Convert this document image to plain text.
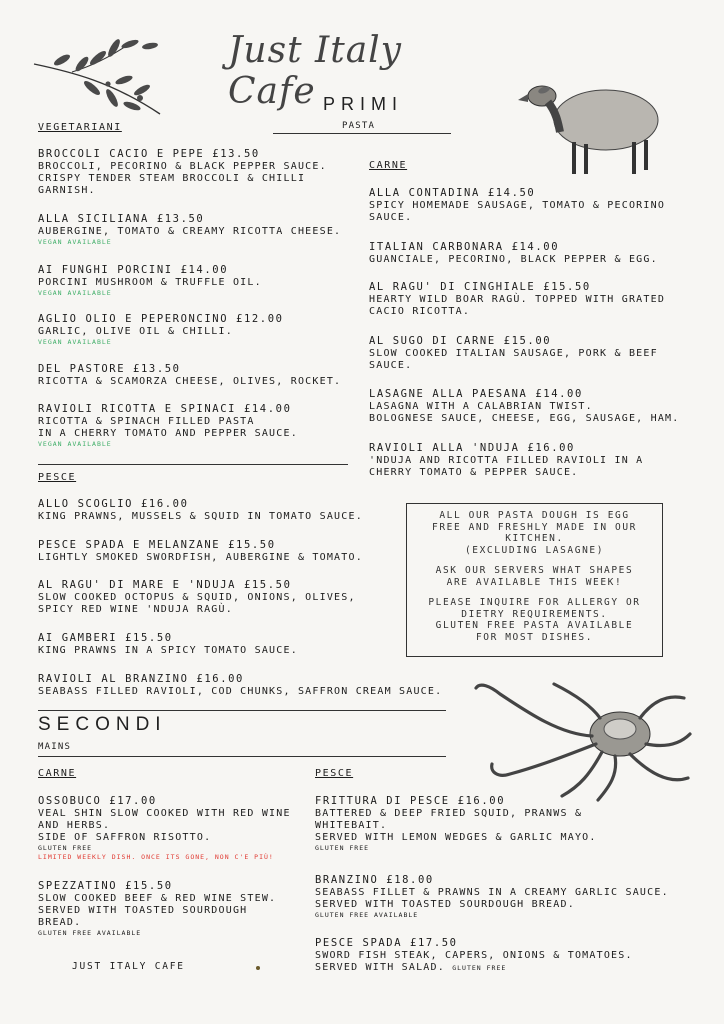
Just Italy Cafe PRIMI
PASTA
VEGETARIANI
BROCCOLI CACIO E PEPE £13.50
BROCCOLI, PECORINO & BLACK PEPPER SAUCE.
CRISPY TENDER STEAM BROCCOLI & CHILLI
GARNISH.
ALLA SICILIANA £13.50
AUBERGINE, TOMATO & CREAMY RICOTTA CHEESE.
VEGAN AVAILABLE
AI FUNGHI PORCINI £14.00
PORCINI MUSHROOM & TRUFFLE OIL.
VEGAN AVAILABLE
AGLIO OLIO E PEPERONCINO £12.00
GARLIC, OLIVE OIL & CHILLI.
VEGAN AVAILABLE
DEL PASTORE £13.50
RICOTTA & SCAMORZA CHEESE, OLIVES, ROCKET.
RAVIOLI RICOTTA E SPINACI £14.00
RICOTTA & SPINACH FILLED PASTA
IN A CHERRY TOMATO AND PEPPER SAUCE.
VEGAN AVAILABLE
CARNE
ALLA CONTADINA £14.50
SPICY HOMEMADE SAUSAGE, TOMATO & PECORINO
SAUCE.
ITALIAN CARBONARA £14.00
GUANCIALE, PECORINO, BLACK PEPPER & EGG.
AL RAGU' DI CINGHIALE £15.50
HEARTY WILD BOAR RAGÙ. TOPPED WITH GRATED
CACIO RICOTTA.
AL SUGO DI CARNE £15.00
SLOW COOKED ITALIAN SAUSAGE, PORK & BEEF
SAUCE.
LASAGNE ALLA PAESANA £14.00
LASAGNA WITH A CALABRIAN TWIST.
BOLOGNESE SAUCE, CHEESE, EGG, SAUSAGE, HAM.
RAVIOLI ALLA 'NDUJA £16.00
'NDUJA AND RICOTTA FILLED RAVIOLI IN A
CHERRY TOMATO & PEPPER SAUCE.
PESCE
ALLO SCOGLIO £16.00
KING PRAWNS, MUSSELS & SQUID IN TOMATO SAUCE.
PESCE SPADA E MELANZANE £15.50
LIGHTLY SMOKED SWORDFISH, AUBERGINE & TOMATO.
AL RAGU' DI MARE E 'NDUJA £15.50
SLOW COOKED OCTOPUS & SQUID, ONIONS, OLIVES,
SPICY RED WINE 'NDUJA RAGÙ.
AI GAMBERI £15.50
KING PRAWNS IN A SPICY TOMATO SAUCE.
RAVIOLI AL BRANZINO £16.00
SEABASS FILLED RAVIOLI, COD CHUNKS, SAFFRON CREAM SAUCE.
ALL OUR PASTA DOUGH IS EGG
FREE AND FRESHLY MADE IN OUR
KITCHEN.
(EXCLUDING LASAGNE)
ASK OUR SERVERS WHAT SHAPES
ARE AVAILABLE THIS WEEK!
PLEASE INQUIRE FOR ALLERGY OR
DIETRY REQUIREMENTS.
GLUTEN FREE PASTA AVAILABLE
FOR MOST DISHES.
SECONDI
MAINS
CARNE
OSSOBUCO £17.00
VEAL SHIN SLOW COOKED WITH RED WINE
AND HERBS.
SIDE OF SAFFRON RISOTTO.
GLUTEN FREE
LIMITED WEEKLY DISH. ONCE ITS GONE, NON C'E PIÙ!
SPEZZATINO £15.50
SLOW COOKED BEEF & RED WINE STEW.
SERVED WITH TOASTED SOURDOUGH
BREAD.
GLUTEN FREE AVAILABLE
PESCE
FRITTURA DI PESCE £16.00
BATTERED & DEEP FRIED SQUID, PRANWS &
WHITEBAIT.
SERVED WITH LEMON WEDGES & GARLIC MAYO.
GLUTEN FREE
BRANZINO £18.00
SEABASS FILLET & PRAWNS IN A CREAMY GARLIC SAUCE.
SERVED WITH TOASTED SOURDOUGH BREAD.
GLUTEN FREE AVAILABLE
PESCE SPADA £17.50
SWORD FISH STEAK, CAPERS, ONIONS & TOMATOES.
SERVED WITH SALAD. GLUTEN FREE
JUST ITALY CAFE
